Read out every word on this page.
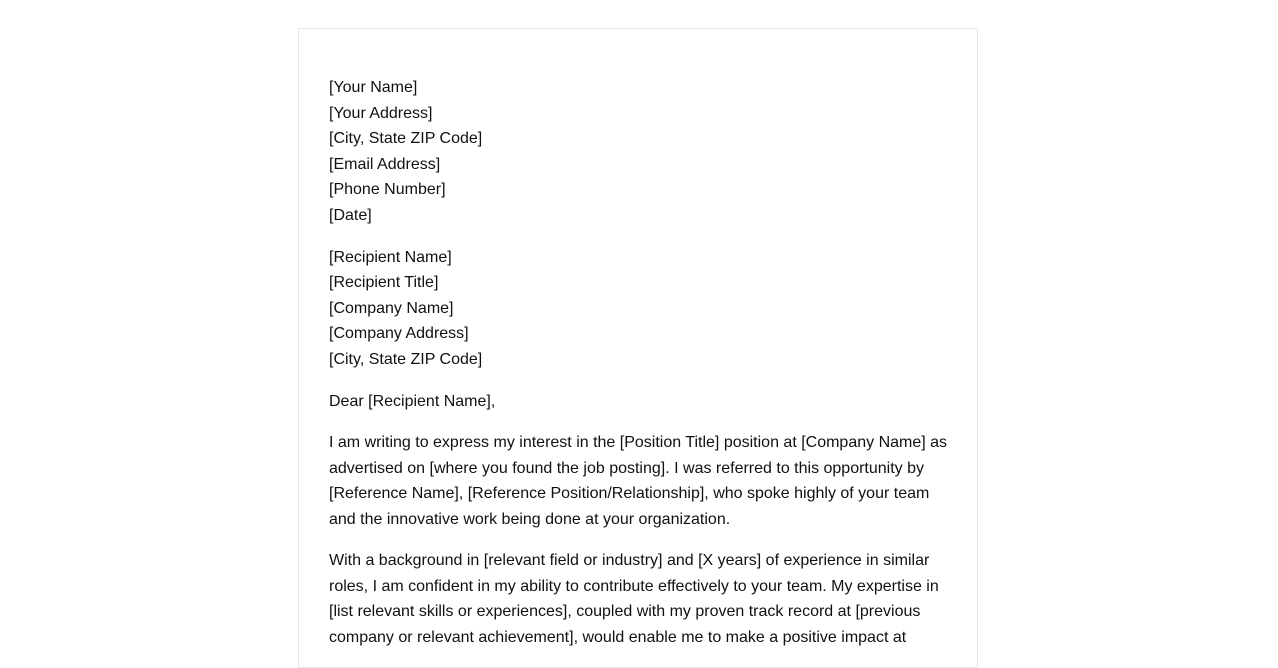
[Your Name]
[Your Address]
[City, State ZIP Code]
[Email Address]
[Phone Number]
[Date]
[Recipient Name]
[Recipient Title]
[Company Name]
[Company Address]
[City, State ZIP Code]

Dear [Recipient Name],

I am writing to express my interest in the [Position Title] position at [Company Name] as advertised on [where you found the job posting]. I was referred to this opportunity by [Reference Name], [Reference Position/Relationship], who spoke highly of your team and the innovative work being done at your organization.

With a background in [relevant field or industry] and [X years] of experience in similar roles, I am confident in my ability to contribute effectively to your team. My expertise in [list relevant skills or experiences], coupled with my proven track record at [previous company or relevant achievement], would enable me to make a positive impact at
